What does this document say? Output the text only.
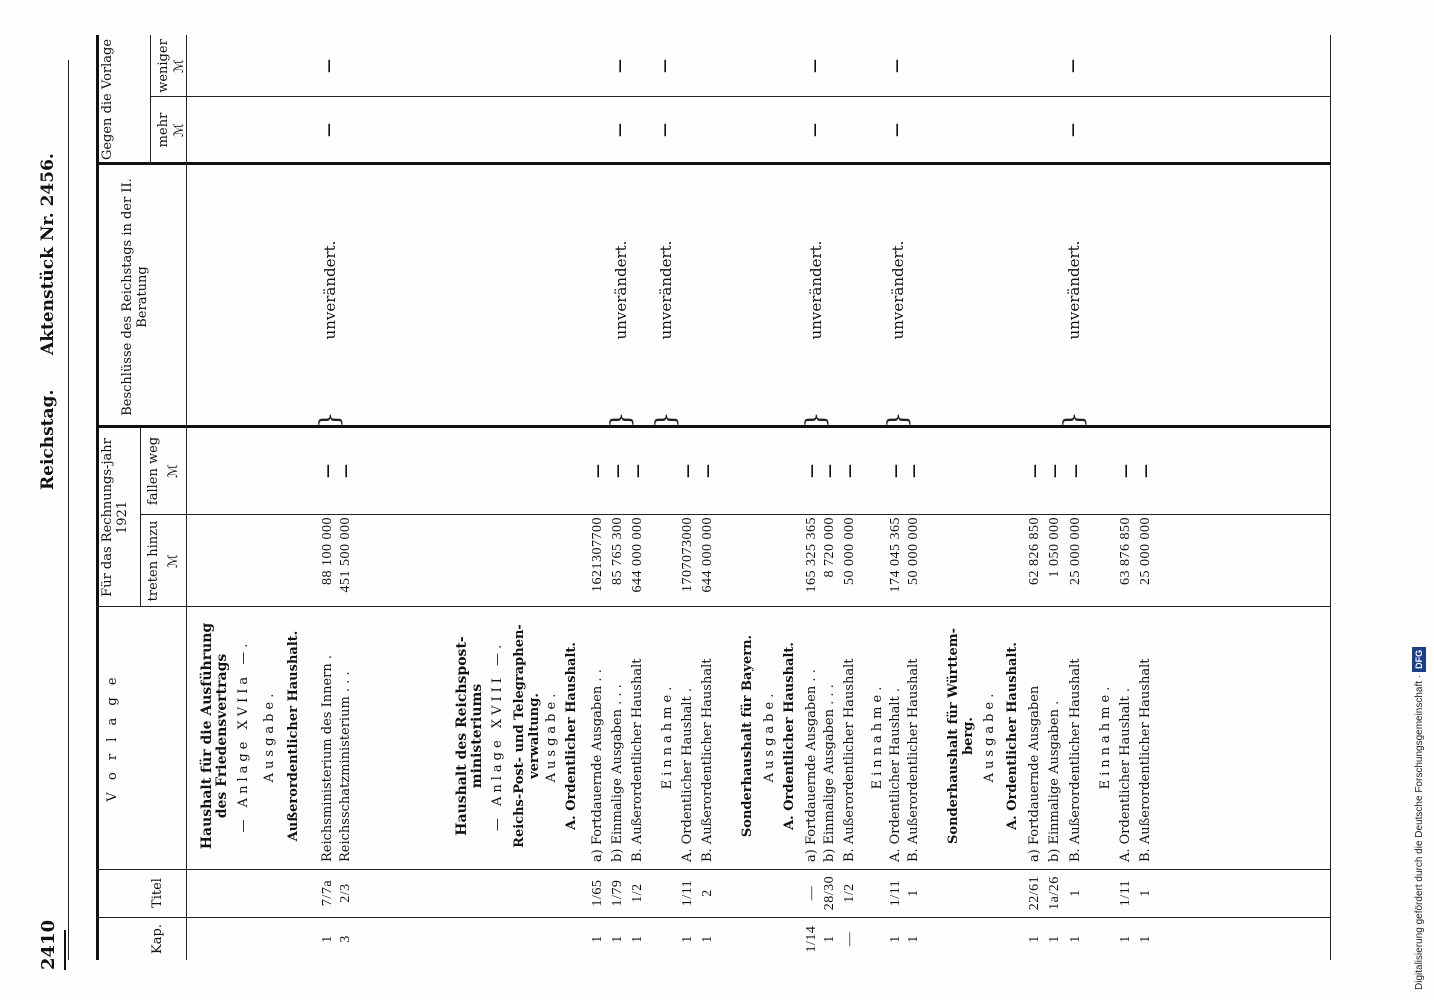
2410
Reichstag.
Aktenstück Nr. 2456.
Kap.
Titel
V o r l a g e
Für das Rechnungs-jahr 1921
treten hinzu
fallen weg
ℳ
ℳ
Beschlüsse des Reichstags in der II. Beratung
Gegen die Vorlage	mehr
weniger
ℳ
ℳ
Haushalt für die Ausführung des Friedensvertrags — Anlage XVIIa —. Ausgabe. Außerordentlicher Haushalt.
1
7/7a
Reichsministerium des Innern .
88 100 000
—
3
2/3
Reichsschatzministerium . . .
451 500 000
—
Haushalt des Reichspost-ministeriums — Anlage XVIII —. Reichs-Post- und Telegraphen-verwaltung. Ausgabe. A. Ordentlicher Haushalt.
1
1/65
a) Fortdauernde Ausgaben . .
1621307700
—
1
1/79
b) Einmalige Ausgaben . . .
85 765 300
—
1
1/2
B. Außerordentlicher Haushalt
644 000 000
—
Einnahme.
1
1/11
A. Ordentlicher Haushalt .
1707073000
—
1
2
B. Außerordentlicher Haushalt
644 000 000
—
Sonderhaushalt für Bayern. Ausgabe. A. Ordentlicher Haushalt.
1/14
—
a) Fortdauernde Ausgaben . .
165 325 365
—
1
28/30
b) Einmalige Ausgaben . . .
8 720 000
—
—
1/2
B. Außerordentlicher Haushalt
50 000 000
—
Einnahme.
1
1/11
A. Ordentlicher Haushalt .
174 045 365
—
1
1
B. Außerordentlicher Haushalt
50 000 000
—
Sonderhaushalt für Württem-berg. Ausgabe. A. Ordentlicher Haushalt.
1
22/61
a) Fortdauernde Ausgaben
62 826 850
—
1
1a/26
b) Einmalige Ausgaben .
1 050 000
—
1
1
B. Außerordentlicher Haushalt
25 000 000
—
Einnahme.
1
1/11
A. Ordentlicher Haushalt .
63 876 850
—
1
1
B. Außerordentlicher Haushalt
25 000 000
—
}
unverändert.
—
—
}
unverändert.
—
—
}
unverändert.
—
—
}
unverändert.
—
—
}
unverändert.
—
—
}
unverändert.
—
—
Digitalisierung gefördert durch die Deutsche Forschungsgemeinschaft ·DFG
